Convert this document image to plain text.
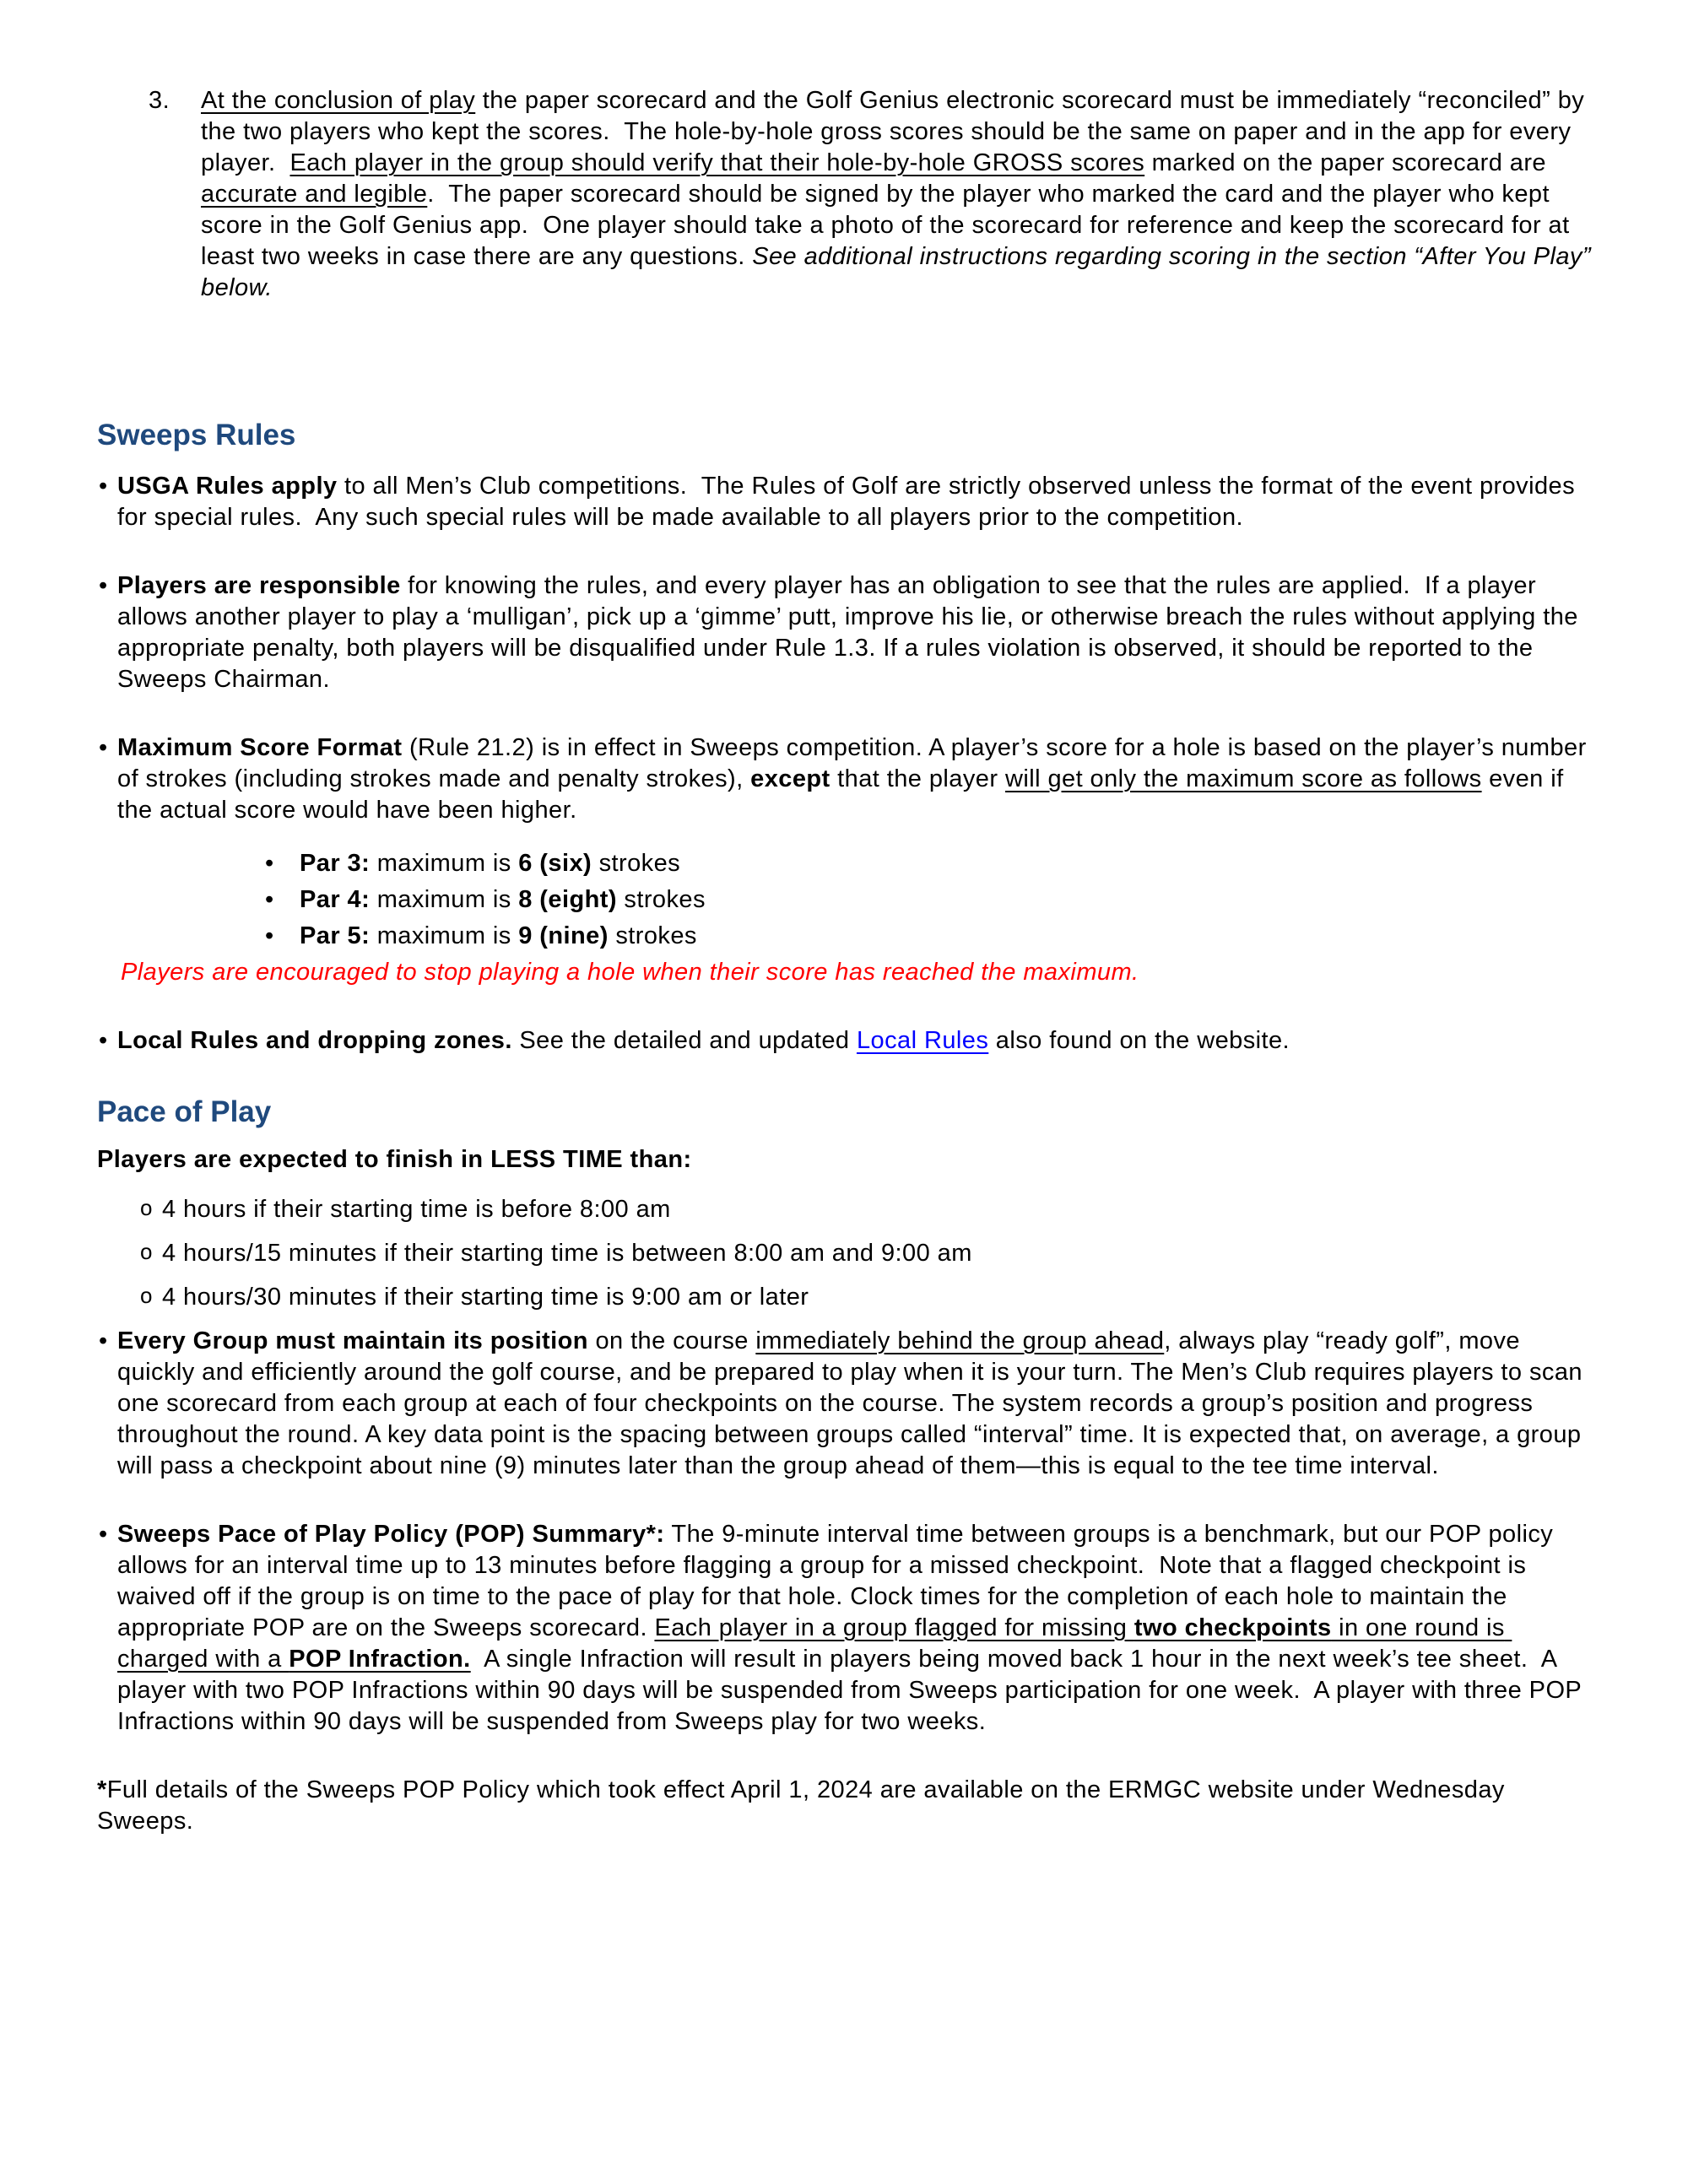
3.	At the conclusion of play the paper scorecard and the Golf Genius electronic scorecard must be immediately “reconciled” by the two players who kept the scores.  The hole-by-hole gross scores should be the same on paper and in the app for every player.  Each player in the group should verify that their hole-by-hole GROSS scores marked on the paper scorecard are accurate and legible.  The paper scorecard should be signed by the player who marked the card and the player who kept score in the Golf Genius app.  One player should take a photo of the scorecard for reference and keep the scorecard for at least two weeks in case there are any questions. See additional instructions regarding scoring in the section “After You Play” below.
Sweeps Rules
• USGA Rules apply to all Men’s Club competitions.  The Rules of Golf are strictly observed unless the format of the event provides for special rules.  Any such special rules will be made available to all players prior to the competition.
• Players are responsible for knowing the rules, and every player has an obligation to see that the rules are applied.  If a player allows another player to play a ‘mulligan’, pick up a ‘gimme’ putt, improve his lie, or otherwise breach the rules without applying the appropriate penalty, both players will be disqualified under Rule 1.3. If a rules violation is observed, it should be reported to the Sweeps Chairman.
• Maximum Score Format (Rule 21.2) is in effect in Sweeps competition. A player’s score for a hole is based on the player’s number of strokes (including strokes made and penalty strokes), except that the player will get only the maximum score as follows even if the actual score would have been higher.
•	Par 3: maximum is 6 (six) strokes
•	Par 4: maximum is 8 (eight) strokes
•	Par 5: maximum is 9 (nine) strokes

Players are encouraged to stop playing a hole when their score has reached the maximum.

• Local Rules and dropping zones. See the detailed and updated Local Rules also found on the website.
Pace of Play

Players are expected to finish in LESS TIME than:

o 4 hours if their starting time is before 8:00 am
o 4 hours/15 minutes if their starting time is between 8:00 am and 9:00 am
o 4 hours/30 minutes if their starting time is 9:00 am or later
• Every Group must maintain its position on the course immediately behind the group ahead, always play “ready golf”, move quickly and efficiently around the golf course, and be prepared to play when it is your turn. The Men’s Club requires players to scan one scorecard from each group at each of four checkpoints on the course. The system records a group’s position and progress throughout the round. A key data point is the spacing between groups called “interval” time. It is expected that, on average, a group will pass a checkpoint about nine (9) minutes later than the group ahead of them—this is equal to the tee time interval.
• Sweeps Pace of Play Policy (POP) Summary*: The 9-minute interval time between groups is a benchmark, but our POP policy allows for an interval time up to 13 minutes before flagging a group for a missed checkpoint.  Note that a flagged checkpoint is waived off if the group is on time to the pace of play for that hole. Clock times for the completion of each hole to maintain the appropriate POP are on the Sweeps scorecard. Each player in a group flagged for missing two checkpoints in one round is charged with a POP Infraction.  A single Infraction will result in players being moved back 1 hour in the next week’s tee sheet.  A player with two POP Infractions within 90 days will be suspended from Sweeps participation for one week.  A player with three POP Infractions within 90 days will be suspended from Sweeps play for two weeks.

*Full details of the Sweeps POP Policy which took effect April 1, 2024 are available on the ERMGC website under Wednesday Sweeps.
